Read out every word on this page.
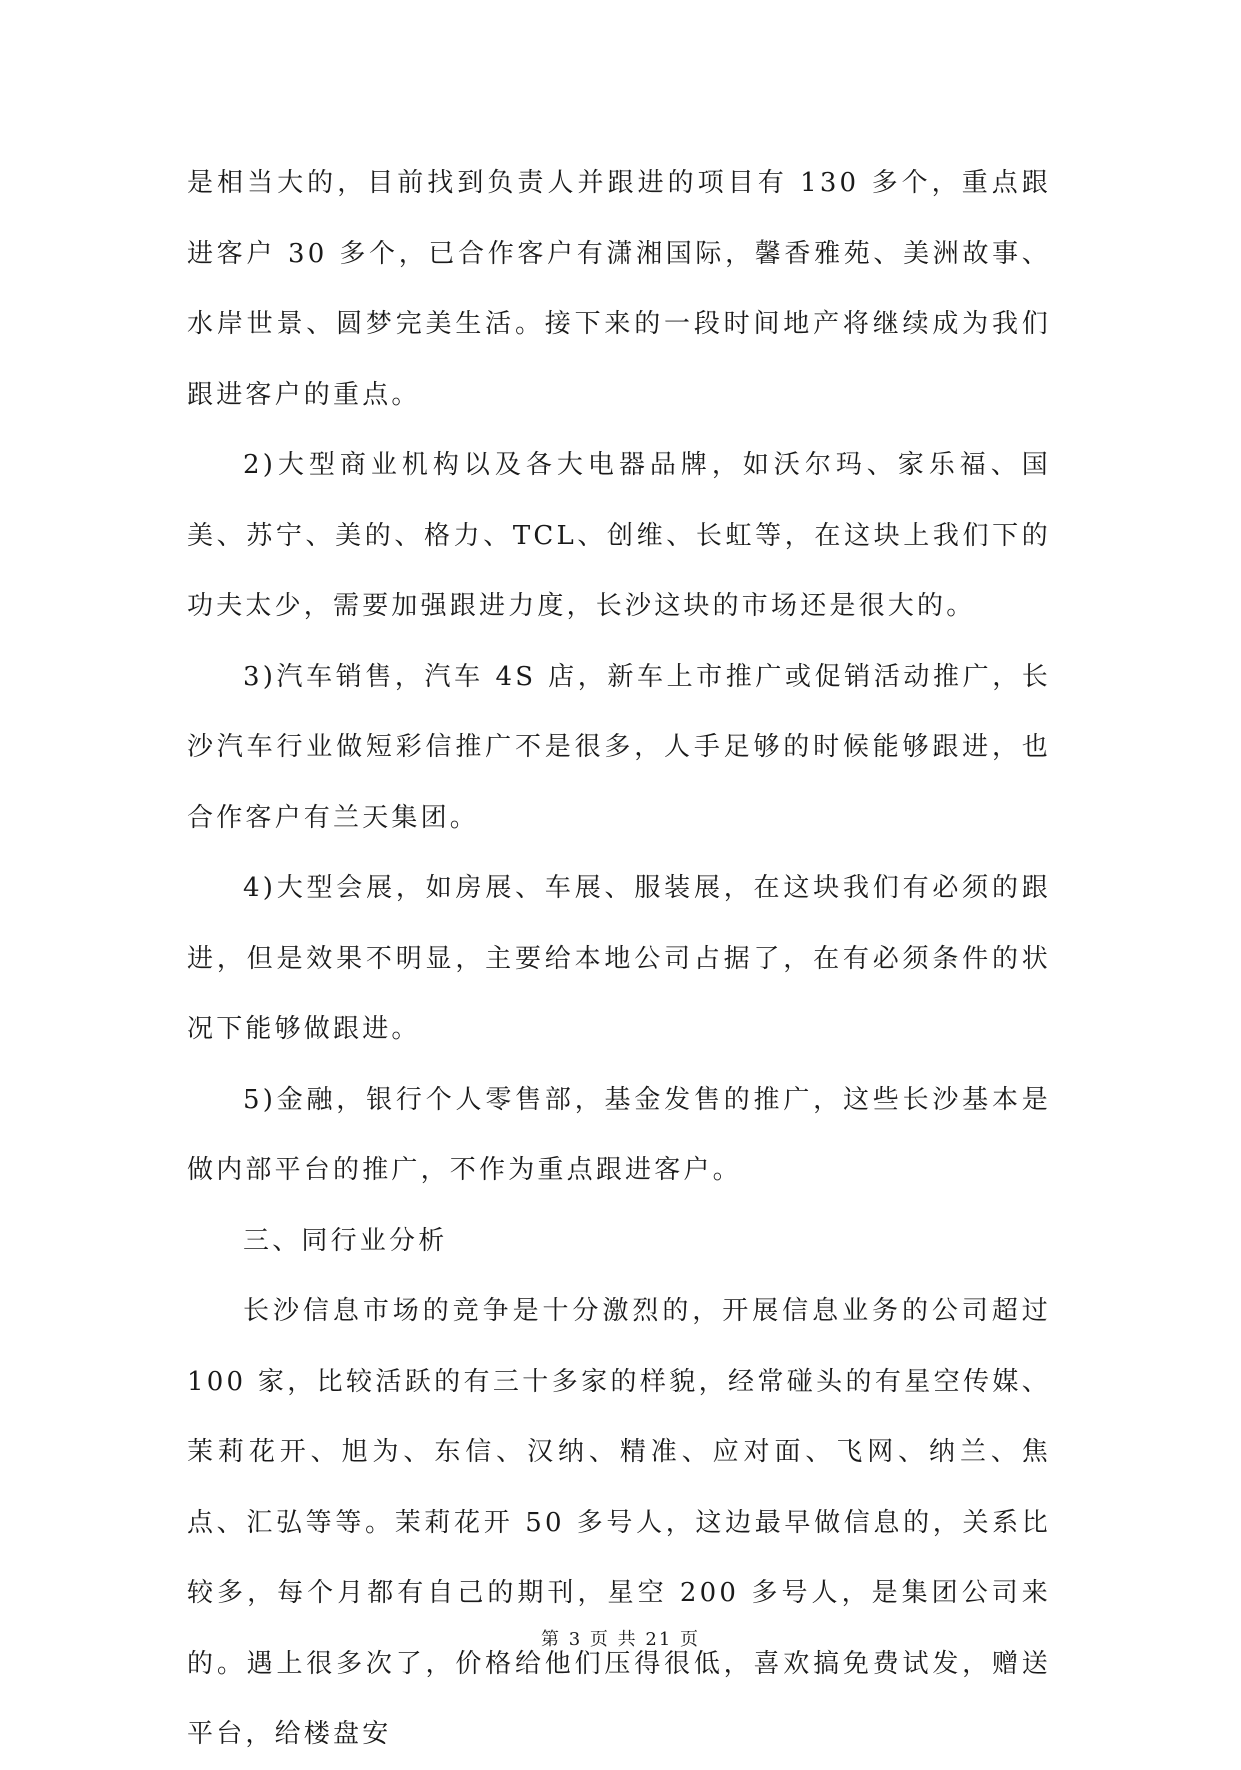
是相当大的，目前找到负责人并跟进的项目有 130 多个，重点跟进客户 30 多个，已合作客户有潇湘国际，馨香雅苑、美洲故事、水岸世景、圆梦完美生活。接下来的一段时间地产将继续成为我们跟进客户的重点。

2)大型商业机构以及各大电器品牌，如沃尔玛、家乐福、国美、苏宁、美的、格力、TCL、创维、长虹等，在这块上我们下的功夫太少，需要加强跟进力度，长沙这块的市场还是很大的。

3)汽车销售，汽车 4S 店，新车上市推广或促销活动推广，长沙汽车行业做短彩信推广不是很多，人手足够的时候能够跟进，也合作客户有兰天集团。

4)大型会展，如房展、车展、服装展，在这块我们有必须的跟进，但是效果不明显，主要给本地公司占据了，在有必须条件的状况下能够做跟进。

5)金融，银行个人零售部，基金发售的推广，这些长沙基本是做内部平台的推广，不作为重点跟进客户。

三、同行业分析

长沙信息市场的竞争是十分激烈的，开展信息业务的公司超过100 家，比较活跃的有三十多家的样貌，经常碰头的有星空传媒、茉莉花开、旭为、东信、汉纳、精准、应对面、飞网、纳兰、焦点、汇弘等等。茉莉花开 50 多号人，这边最早做信息的，关系比较多，每个月都有自己的期刊，星空 200 多号人，是集团公司来的。遇上很多次了，价格给他们压得很低，喜欢搞免费试发，赠送平台，给楼盘安

第 3 页 共 21 页
